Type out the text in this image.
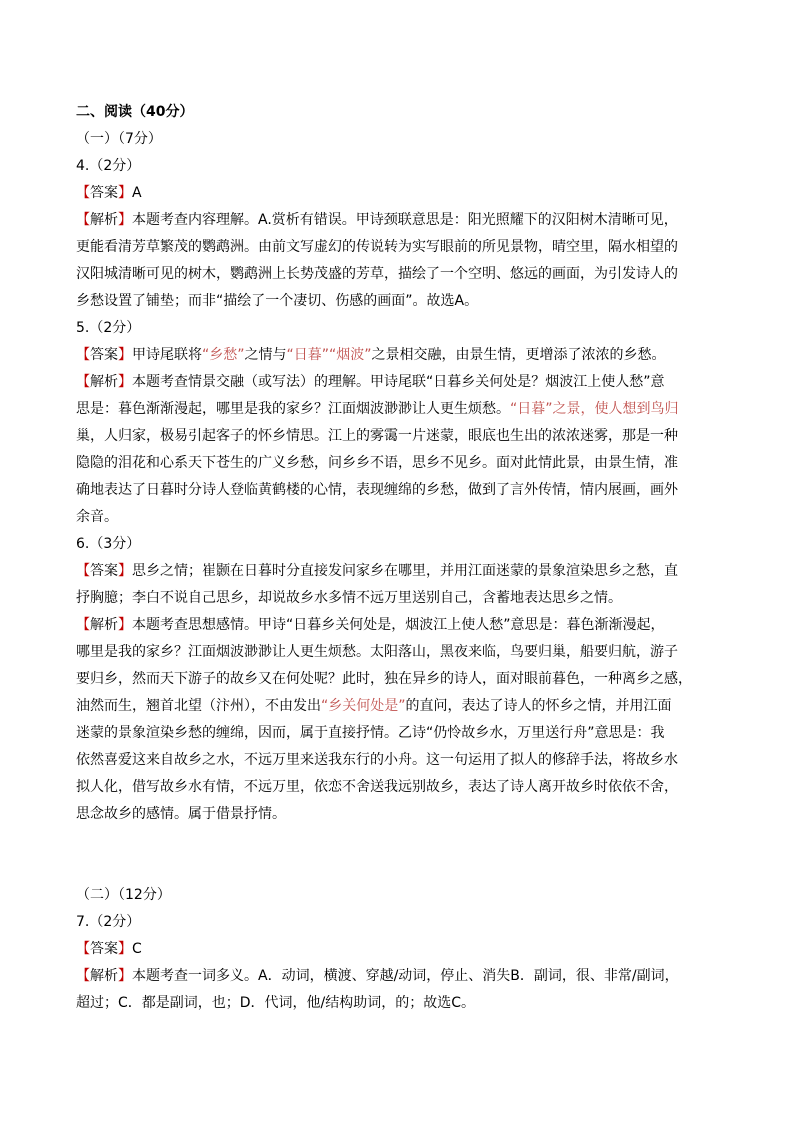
二、阅读（40分）
（一）（7分）
4.（2分）
【答案】A
【解析】本题考查内容理解。A.赏析有错误。甲诗颈联意思是：阳光照耀下的汉阳树木清晰可见，
更能看清芳草繁茂的鹦鹉洲。由前文写虚幻的传说转为实写眼前的所见景物，晴空里，隔水相望的
汉阳城清晰可见的树木，鹦鹉洲上长势茂盛的芳草，描绘了一个空明、悠远的画面，为引发诗人的
乡愁设置了铺垫；而非“描绘了一个凄切、伤感的画面”。故选A。
5.（2分）
【答案】甲诗尾联将“乡愁”之情与“日暮”“烟波”之景相交融，由景生情，更增添了浓浓的乡愁。
【解析】本题考查情景交融（或写法）的理解。甲诗尾联“日暮乡关何处是？烟波江上使人愁”意
思是：暮色渐渐漫起，哪里是我的家乡？江面烟波渺渺让人更生烦愁。“日暮”之景，使人想到鸟归
巢，人归家，极易引起客子的怀乡情思。江上的雾霭一片迷蒙，眼底也生出的浓浓迷雾，那是一种
隐隐的泪花和心系天下苍生的广义乡愁，问乡乡不语，思乡不见乡。面对此情此景，由景生情，准
确地表达了日暮时分诗人登临黄鹤楼的心情，表现缠绵的乡愁，做到了言外传情，情内展画，画外
余音。
6.（3分）
【答案】思乡之情；崔颢在日暮时分直接发问家乡在哪里，并用江面迷蒙的景象渲染思乡之愁，直
抒胸臆；李白不说自己思乡，却说故乡水多情不远万里送别自己，含蓄地表达思乡之情。
【解析】本题考查思想感情。甲诗“日暮乡关何处是，烟波江上使人愁”意思是：暮色渐渐漫起，
哪里是我的家乡？江面烟波渺渺让人更生烦愁。太阳落山，黑夜来临，鸟要归巢，船要归航，游子
要归乡，然而天下游子的故乡又在何处呢？此时，独在异乡的诗人，面对眼前暮色，一种离乡之感，
油然而生，翘首北望（汴州），不由发出“乡关何处是”的直问，表达了诗人的怀乡之情，并用江面
迷蒙的景象渲染乡愁的缠绵，因而，属于直接抒情。乙诗“仍怜故乡水，万里送行舟”意思是：我
依然喜爱这来自故乡之水，不远万里来送我东行的小舟。这一句运用了拟人的修辞手法，将故乡水
拟人化，借写故乡水有情，不远万里，依恋不舍送我远别故乡，表达了诗人离开故乡时依依不舍，
思念故乡的感情。属于借景抒情。
（二）（12分）
7.（2分）
【答案】C
【解析】本题考查一词多义。A．动词，横渡、穿越/动词，停止、消失B．副词，很、非常/副词，
超过；C．都是副词，也；D．代词，他/结构助词，的；故选C。
